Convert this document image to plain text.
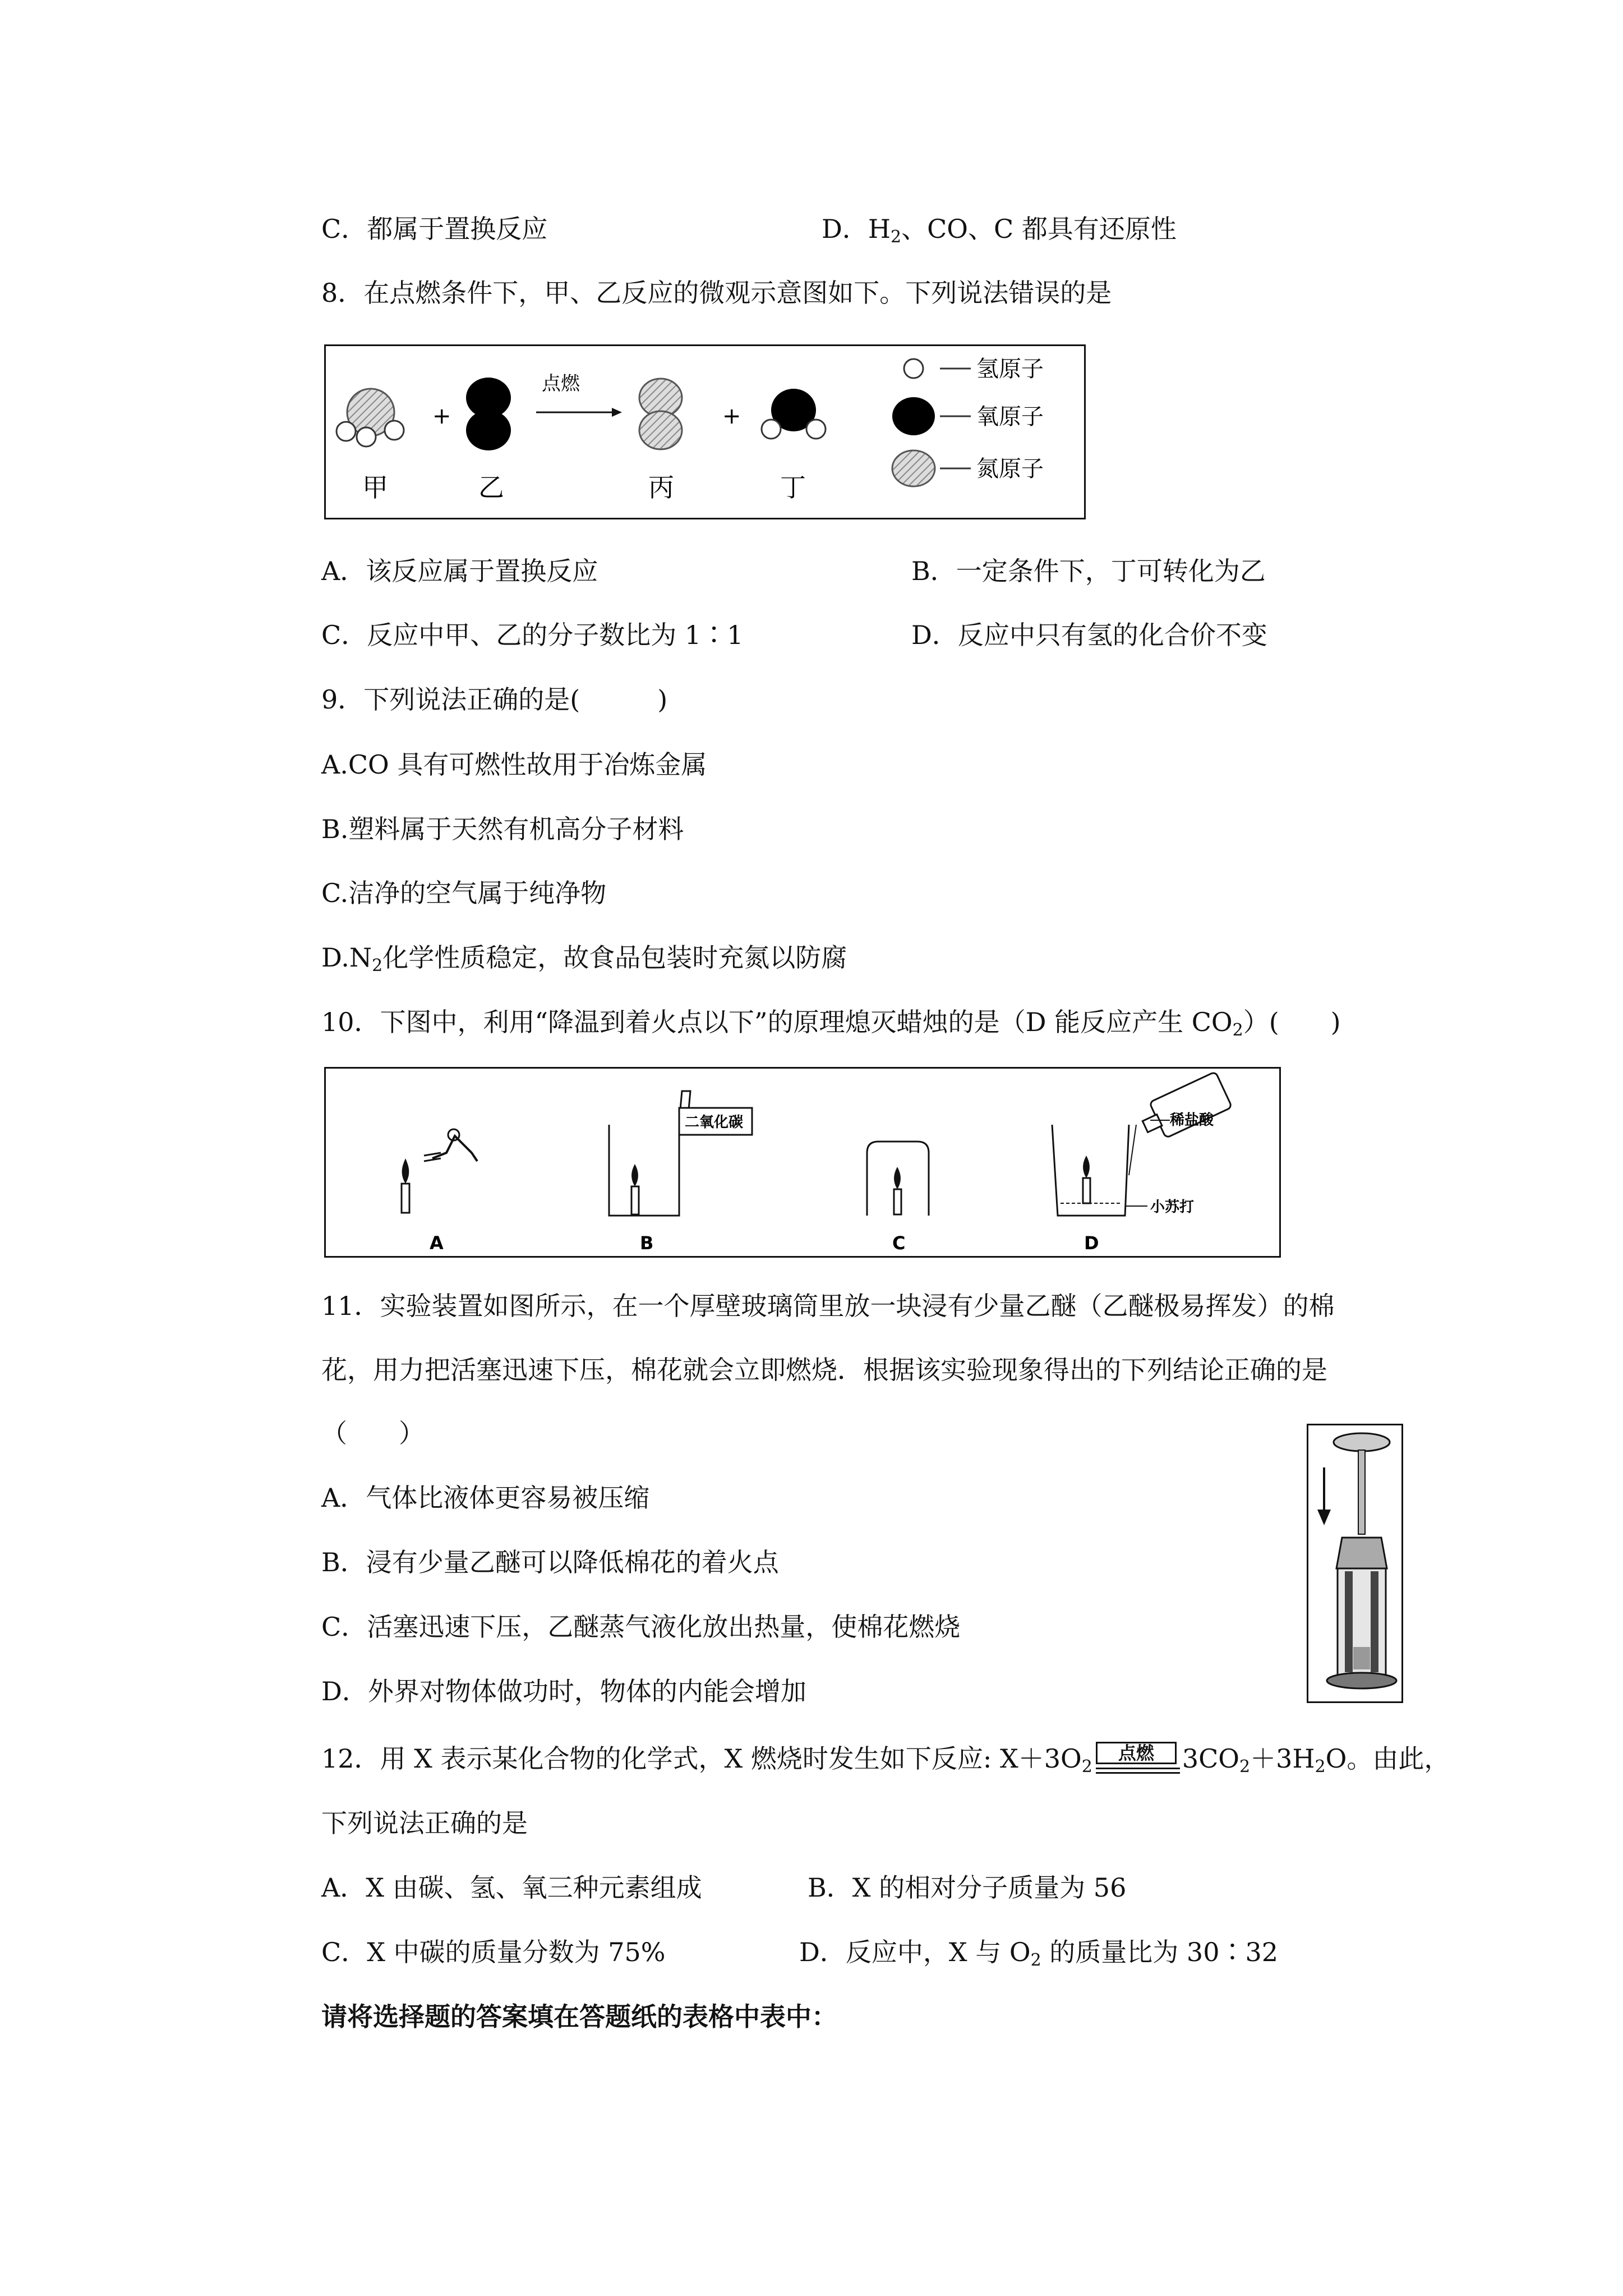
C．都属于置换反应	D．$H_2$、CO、C 都具有还原性
8．在点燃条件下，甲、乙反应的微观示意图如下。下列说法错误的是
+
点燃
+
甲	乙	丙	丁
氢原子
氧原子
氮原子
A．该反应属于置换反应	B．一定条件下，丁可转化为乙
C．反应中甲、乙的分子数比为 1∶1	D．反应中只有氢的化合价不变
9．下列说法正确的是(　　　)
A.CO 具有可燃性故用于冶炼金属
B.塑料属于天然有机高分子材料
C.洁净的空气属于纯净物
$D.N_2$化学性质稳定，故食品包装时充氮以防腐
10．下图中，利用“降温到着火点以下”的原理熄灭蜡烛的是（D 能反应产生 $CO_2$）(　　)
二氧化碳	稀盐酸
小苏打
A	B	C	D
11．实验装置如图所示，在一个厚壁玻璃筒里放一块浸有少量乙醚（乙醚极易挥发）的棉
花，用力把活塞迅速下压，棉花就会立即燃烧．根据该实验现象得出的下列结论正确的是
（　　）
A．气体比液体更容易被压缩
B．浸有少量乙醚可以降低棉花的着火点
C．活塞迅速下压，乙醚蒸气液化放出热量，使棉花燃烧
D．外界对物体做功时，物体的内能会增加
12．用 X 表示某化合物的化学式，X 燃烧时发生如下反应: $X+3O_2$
点燃	$3CO_2+3H_2O$。由此，
下列说法正确的是
A．X 由碳、氢、氧三种元素组成	B．X 的相对分子质量为 56
C．X 中碳的质量分数为 75%	D．反应中，X 与 $O_2$ 的质量比为 30∶32
请将选择题的答案填在答题纸的表格中表中：
